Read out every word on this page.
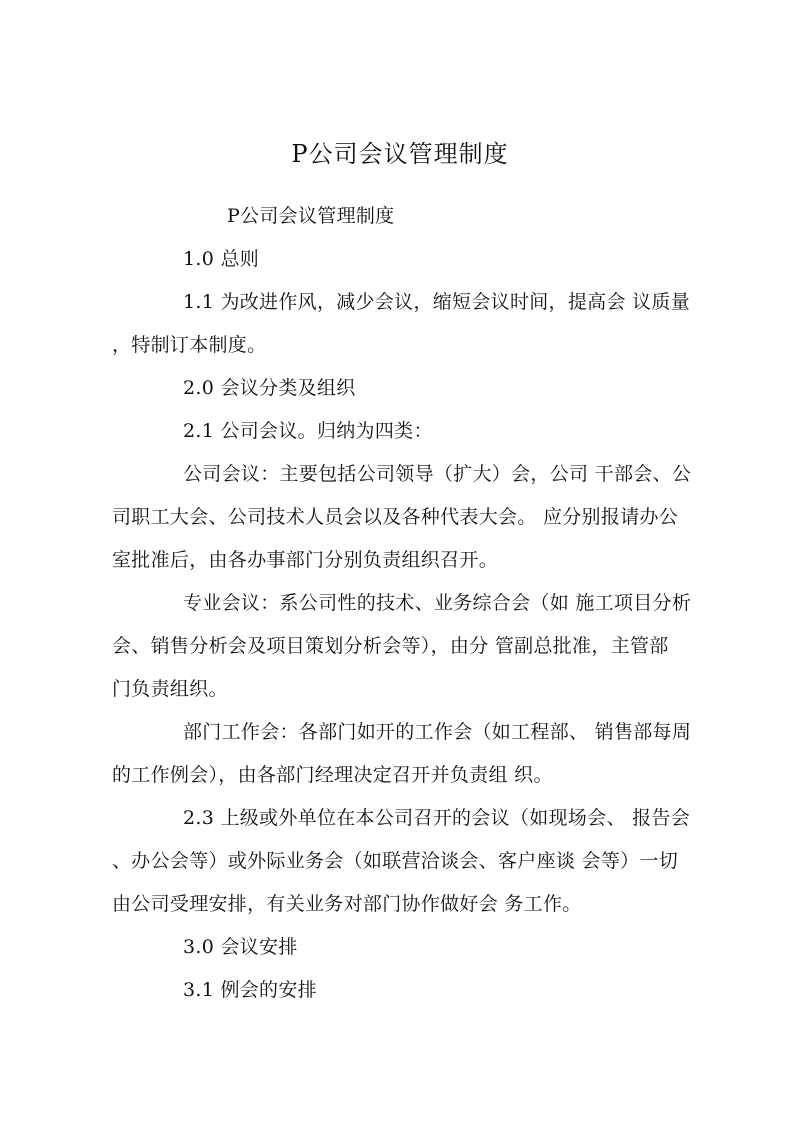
P公司会议管理制度
P公司会议管理制度
1.0 总则
1.1 为改进作风，减少会议，缩短会议时间，提高会 议质量
，特制订本制度。
2.0 会议分类及组织
2.1 公司会议。归纳为四类：
公司会议：主要包括公司领导（扩大）会，公司 干部会、公
司职工大会、公司技术人员会以及各种代表大会。 应分别报请办公
室批准后，由各办事部门分别负责组织召开。
专业会议：系公司性的技术、业务综合会（如 施工项目分析
会、销售分析会及项目策划分析会等），由分 管副总批准，主管部
门负责组织。
部门工作会：各部门如开的工作会（如工程部、 销售部每周
的工作例会），由各部门经理决定召开并负责组 织。
2.3 上级或外单位在本公司召开的会议（如现场会、 报告会
、办公会等）或外际业务会（如联营洽谈会、客户座谈 会等）一切
由公司受理安排，有关业务对部门协作做好会 务工作。
3.0 会议安排
3.1 例会的安排
